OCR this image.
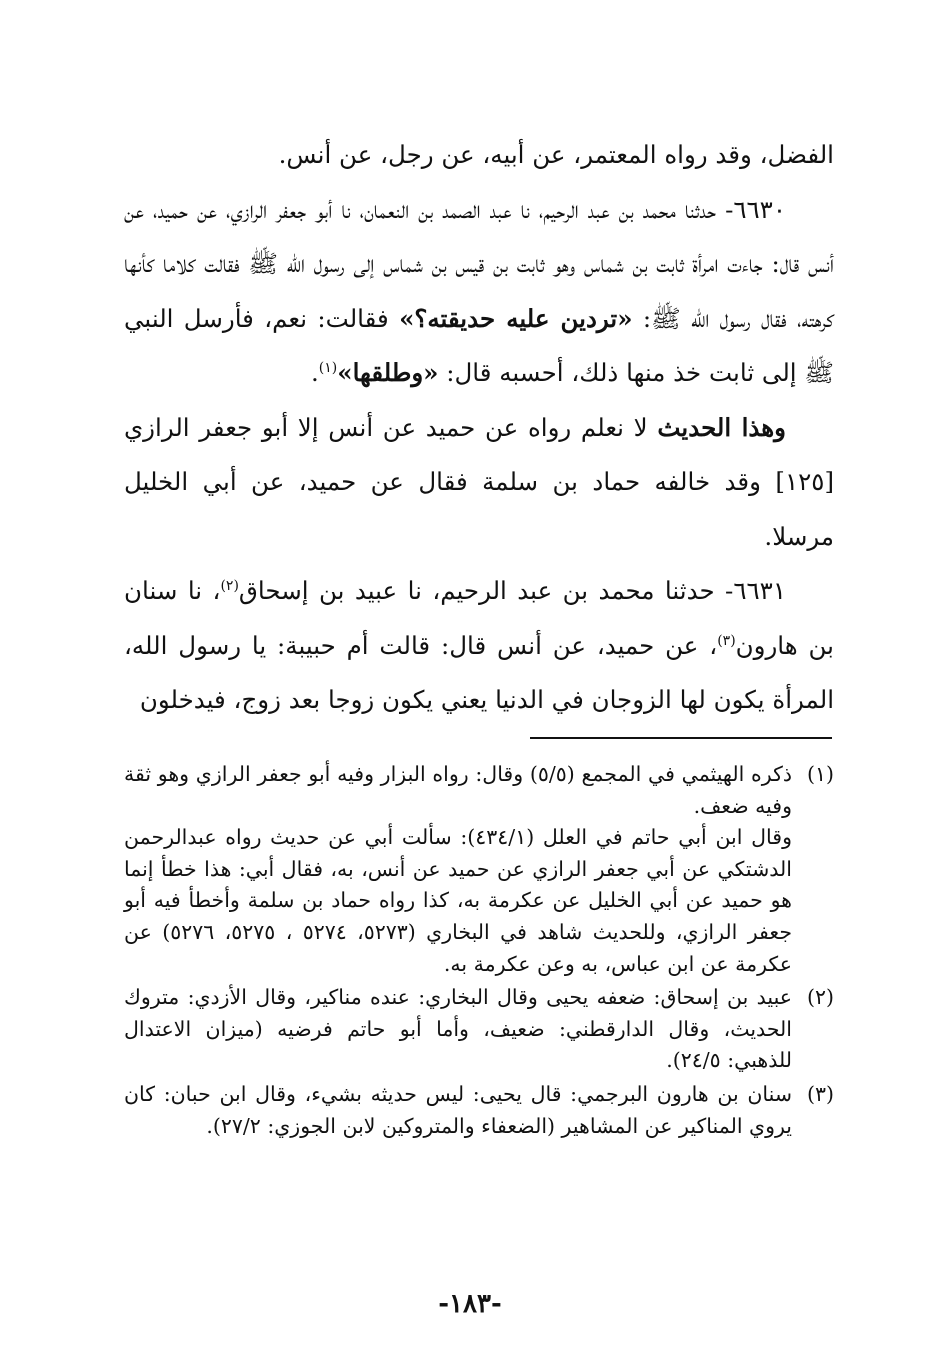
الفضل، وقد رواه المعتمر، عن أبيه، عن رجل، عن أنس.

٦٦٣٠- حدثنا محمد بن عبد الرحيم، نا عبد الصمد بن النعمان، نا أبو جعفر الرازي، عن حميد، عن أنس قال: جاءت امرأة ثابت بن شماس وهو ثابت بن قيس بن شماس إلى رسول الله ﷺ فقالت كلاما كأنها كرهته، فقال رسول الله ﷺ: «تردين عليه حديقته؟» فقالت: نعم، فأرسل النبي ﷺ إلى ثابت خذ منها ذلك، أحسبه قال: «وطلقها»$^{(١)}$.

وهذا الحديث لا نعلم رواه عن حميد عن أنس إلا أبو جعفر الرازي [١٢٥] وقد خالفه حماد بن سلمة فقال عن حميد، عن أبي الخليل مرسلا.

٦٦٣١- حدثنا محمد بن عبد الرحيم، نا عبيد بن إسحاق$^{(٢)}$، نا سنان بن هارون$^{(٣)}$، عن حميد، عن أنس قال: قالت أم حبيبة: يا رسول الله، المرأة يكون لها الزوجان في الدنيا يعني يكون زوجا بعد زوج، فيدخلون

(١)

ذكره الهيثمي في المجمع (٥/٥) وقال: رواه البزار وفيه أبو جعفر الرازي وهو ثقة وفيه ضعف.

وقال ابن أبي حاتم في العلل (٤٣٤/١): سألت أبي عن حديث رواه عبدالرحمن الدشتكي عن أبي جعفر الرازي عن حميد عن أنس، به، فقال أبي: هذا خطأ إنما هو حميد عن أبي الخليل عن عكرمة به، كذا رواه حماد بن سلمة وأخطأ فيه أبو جعفر الرازي، وللحديث شاهد في البخاري (٥٢٧٣، ٥٢٧٤ ، ٥٢٧٥، ٥٢٧٦) عن عكرمة عن ابن عباس، به وعن عكرمة به.

(٢)

عبيد بن إسحاق: ضعفه يحيى وقال البخاري: عنده مناكير، وقال الأزدي: متروك الحديث، وقال الدارقطني: ضعيف، وأما أبو حاتم فرضيه (ميزان الاعتدال للذهبي: ٢٤/٥).

(٣)

سنان بن هارون البرجمي: قال يحيى: ليس حديثه بشيء، وقال ابن حبان: كان يروي المناكير عن المشاهير (الضعفاء والمتروكين لابن الجوزي: ٢٧/٢).

-١٨٣-
